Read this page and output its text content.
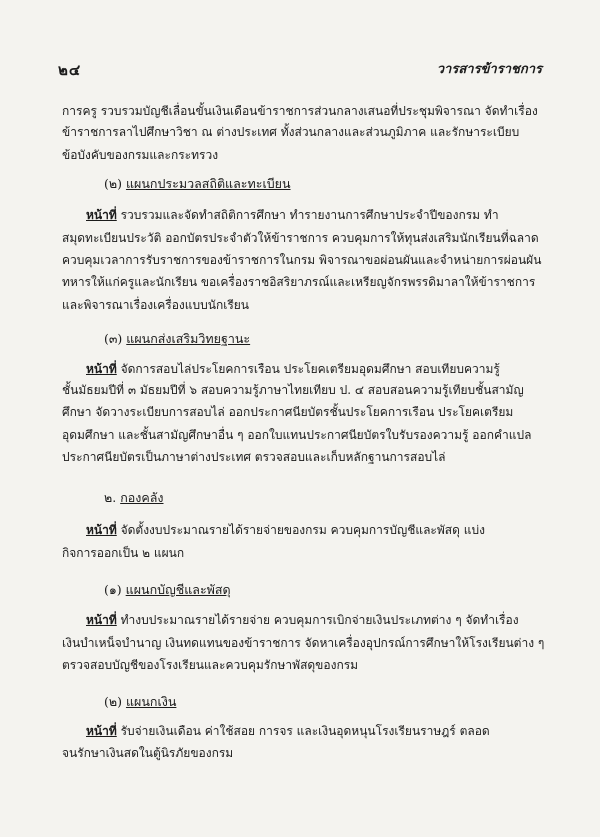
๒๔	วารสารข้าราชการ
การครู รวบรวมบัญชีเลื่อนขั้นเงินเดือนข้าราชการส่วนกลางเสนอที่ประชุมพิจารณา จัดทำเรื่อง
ข้าราชการลาไปศึกษาวิชา ณ ต่างประเทศ ทั้งส่วนกลางและส่วนภูมิภาค และรักษาระเบียบ
ข้อบังคับของกรมและกระทรวง
(๒) แผนกประมวลสถิติและทะเบียน
หน้าที่ รวบรวมและจัดทำสถิติการศึกษา ทำรายงานการศึกษาประจำปีของกรม ทำ
สมุดทะเบียนประวัติ ออกบัตรประจำตัวให้ข้าราชการ ควบคุมการให้ทุนส่งเสริมนักเรียนที่ฉลาด
ควบคุมเวลาการรับราชการของข้าราชการในกรม พิจารณาขอผ่อนผันและจำหน่ายการผ่อนผัน
ทหารให้แก่ครูและนักเรียน ขอเครื่องราชอิสริยาภรณ์และเหรียญจักรพรรดิมาลาให้ข้าราชการ
และพิจารณาเรื่องเครื่องแบบนักเรียน
(๓) แผนกส่งเสริมวิทยฐานะ
หน้าที่ จัดการสอบไล่ประโยคการเรือน ประโยคเตรียมอุดมศึกษา สอบเทียบความรู้
ชั้นมัธยมปีที่ ๓ มัธยมปีที่ ๖ สอบความรู้ภาษาไทยเทียบ ป. ๔ สอบสอนความรู้เทียบชั้นสามัญ
ศึกษา จัดวางระเบียบการสอบไล่ ออกประกาศนียบัตรชั้นประโยคการเรือน ประโยคเตรียม
อุดมศึกษา และชั้นสามัญศึกษาอื่น ๆ ออกใบแทนประกาศนียบัตรใบรับรองความรู้ ออกคำแปล
ประกาศนียบัตรเป็นภาษาต่างประเทศ ตรวจสอบและเก็บหลักฐานการสอบไล่
๒. กองคลัง
หน้าที่ จัดตั้งงบประมาณรายได้รายจ่ายของกรม ควบคุมการบัญชีและพัสดุ แบ่ง
กิจการออกเป็น ๒ แผนก
(๑) แผนกบัญชีและพัสดุ
หน้าที่ ทำงบประมาณรายได้รายจ่าย ควบคุมการเบิกจ่ายเงินประเภทต่าง ๆ จัดทำเรื่อง
เงินบำเหน็จบำนาญ เงินทดแทนของข้าราชการ จัดหาเครื่องอุปกรณ์การศึกษาให้โรงเรียนต่าง ๆ
ตรวจสอบบัญชีของโรงเรียนและควบคุมรักษาพัสดุของกรม
(๒) แผนกเงิน
หน้าที่ รับจ่ายเงินเดือน ค่าใช้สอย การจร และเงินอุดหนุนโรงเรียนราษฎร์ ตลอด
จนรักษาเงินสดในตู้นิรภัยของกรม
